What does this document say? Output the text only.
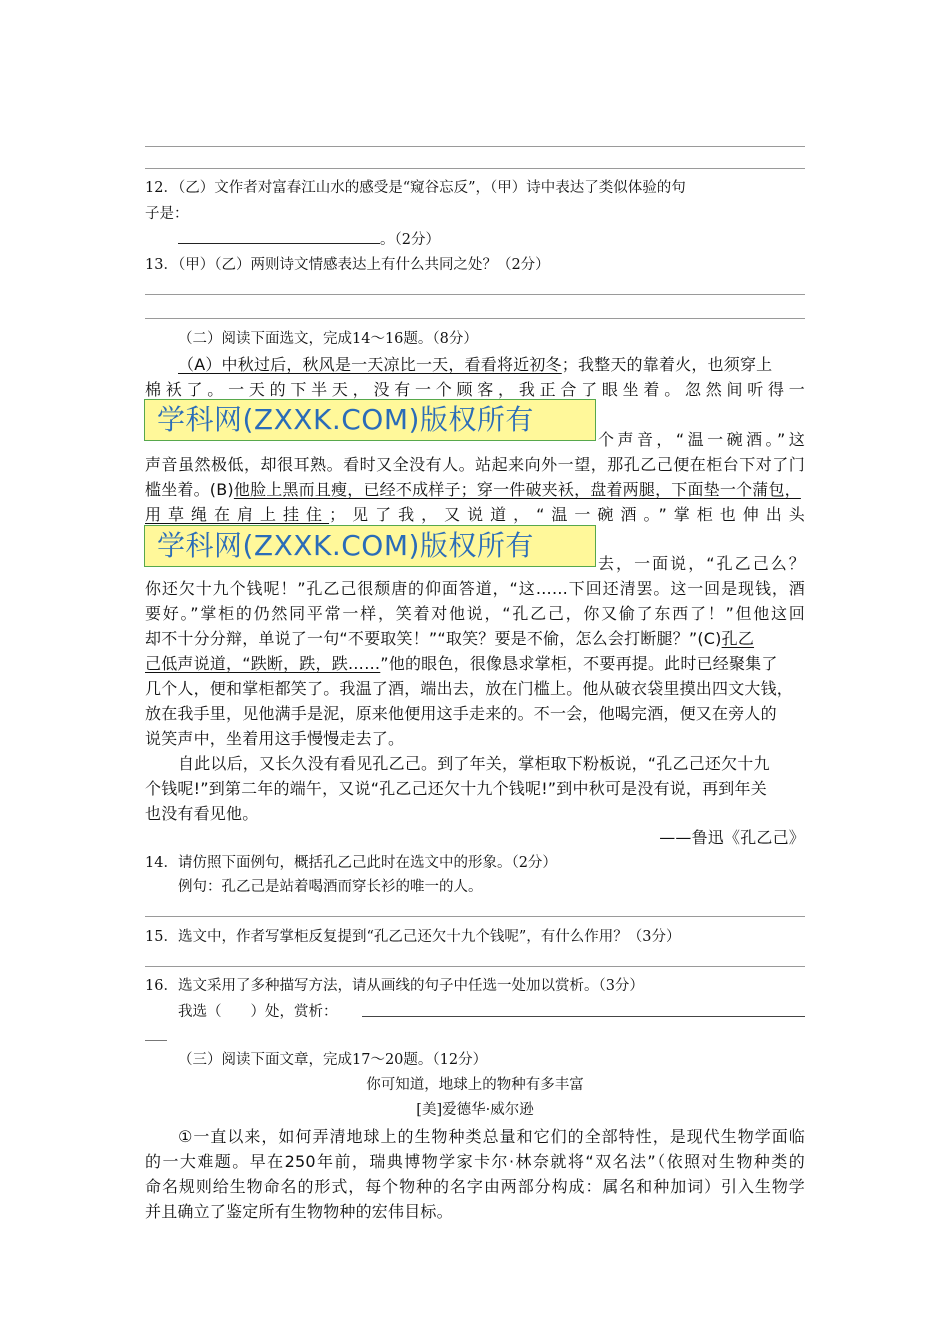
12．（乙）文作者对富春江山水的感受是“窥谷忘反”，（甲）诗中表达了类似体验的句
子是：
。（2分）
13．（甲）（乙）两则诗文情感表达上有什么共同之处？（2分）
（二）阅读下面选文，完成14～16题。（8分）
（A）中秋过后，秋风是一天凉比一天，看看将近初冬；我整天的靠着火，也须穿上
棉袄了。一天的下半天，没有一个顾客，我正合了眼坐着。忽然间听得一
学科网(ZXXK.COM)版权所有
个声音，“温一碗酒。”这
声音虽然极低，却很耳熟。看时又全没有人。站起来向外一望，那孔乙己便在柜台下对了门
槛坐着。(B)他脸上黑而且瘦，已经不成样子；穿一件破夹袄，盘着两腿，下面垫一个蒲包，
用草绳在肩上挂住；见了我，又说道，“温一碗酒。”掌柜也伸出头
学科网(ZXXK.COM)版权所有
去，一面说，“孔乙己么？
你还欠十九个钱呢！”孔乙己很颓唐的仰面答道，“这……下回还清罢。这一回是现钱，酒
要好。”掌柜的仍然同平常一样，笑着对他说，“孔乙己，你又偷了东西了！”但他这回
却不十分分辩，单说了一句“不要取笑！”“取笑？要是不偷，怎么会打断腿？”(C)孔乙
己低声说道，“跌断，跌，跌……”他的眼色，很像恳求掌柜，不要再提。此时已经聚集了
几个人，便和掌柜都笑了。我温了酒，端出去，放在门槛上。他从破衣袋里摸出四文大钱，
放在我手里，见他满手是泥，原来他便用这手走来的。不一会，他喝完酒，便又在旁人的
说笑声中，坐着用这手慢慢走去了。
自此以后，又长久没有看见孔乙己。到了年关，掌柜取下粉板说，“孔乙己还欠十九
个钱呢!”到第二年的端午，又说“孔乙己还欠十九个钱呢!”到中秋可是没有说，再到年关
也没有看见他。
——鲁迅《孔乙己》
14．请仿照下面例句，概括孔乙己此时在选文中的形象。（2分）
例句：孔乙己是站着喝酒而穿长衫的唯一的人。
15．选文中，作者写掌柜反复提到“孔乙己还欠十九个钱呢”，有什么作用？（3分）
16．选文采用了多种描写方法，请从画线的句子中任选一处加以赏析。（3分）
我选（　　）处，赏析：
（三）阅读下面文章，完成17～20题。（12分）
你可知道，地球上的物种有多丰富
[美]爱德华·威尔逊
①一直以来，如何弄清地球上的生物种类总量和它们的全部特性，是现代生物学面临
的一大难题。早在250年前，瑞典博物学家卡尔·林奈就将“双名法”（依照对生物种类的
命名规则给生物命名的形式，每个物种的名字由两部分构成：属名和种加词）引入生物学
并且确立了鉴定所有生物物种的宏伟目标。
